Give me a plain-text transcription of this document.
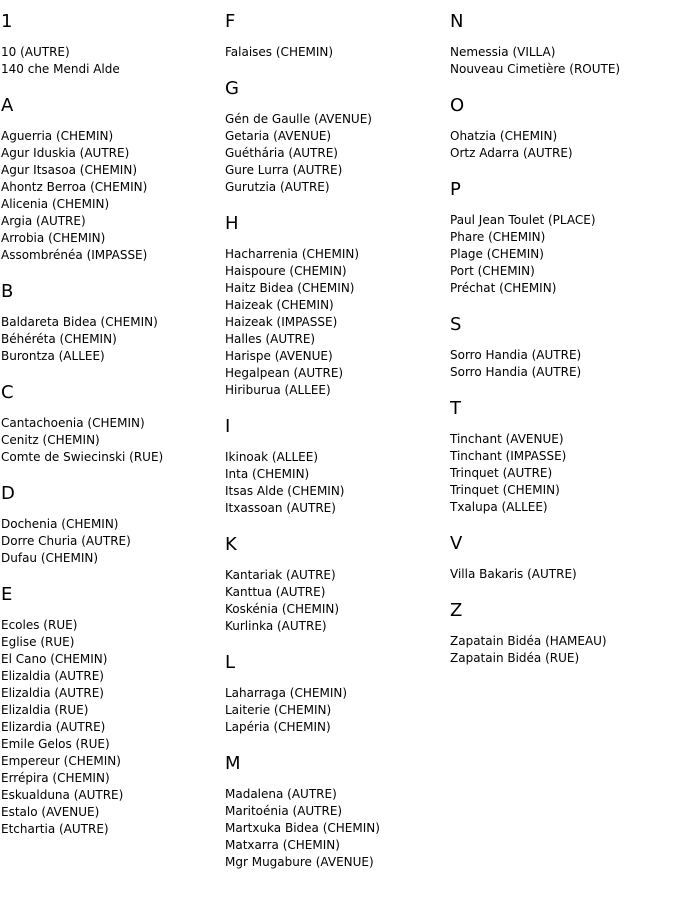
1
10 (AUTRE)
140 che Mendi Alde
A
Aguerria (CHEMIN)
Agur Iduskia (AUTRE)
Agur Itsasoa (CHEMIN)
Ahontz Berroa (CHEMIN)
Alicenia (CHEMIN)
Argia (AUTRE)
Arrobia (CHEMIN)
Assombrénéa (IMPASSE)
B
Baldareta Bidea (CHEMIN)
Béhéréta (CHEMIN)
Burontza (ALLEE)
C
Cantachoenia (CHEMIN)
Cenitz (CHEMIN)
Comte de Swiecinski (RUE)
D
Dochenia (CHEMIN)
Dorre Churia (AUTRE)
Dufau (CHEMIN)
E
Ecoles (RUE)
Eglise (RUE)
El Cano (CHEMIN)
Elizaldia (AUTRE)
Elizaldia (AUTRE)
Elizaldia (RUE)
Elizardia (AUTRE)
Emile Gelos (RUE)
Empereur (CHEMIN)
Errépira (CHEMIN)
Eskualduna (AUTRE)
Estalo (AVENUE)
Etchartia (AUTRE)
F
Falaises (CHEMIN)
G
Gén de Gaulle (AVENUE)
Getaria (AVENUE)
Guéthária (AUTRE)
Gure Lurra (AUTRE)
Gurutzia (AUTRE)
H
Hacharrenia (CHEMIN)
Haispoure (CHEMIN)
Haitz Bidea (CHEMIN)
Haizeak (CHEMIN)
Haizeak (IMPASSE)
Halles (AUTRE)
Harispe (AVENUE)
Hegalpean (AUTRE)
Hiriburua (ALLEE)
I
Ikinoak (ALLEE)
Inta (CHEMIN)
Itsas Alde (CHEMIN)
Itxassoan (AUTRE)
K
Kantariak (AUTRE)
Kanttua (AUTRE)
Koskénia (CHEMIN)
Kurlinka (AUTRE)
L
Laharraga (CHEMIN)
Laiterie (CHEMIN)
Lapéria (CHEMIN)
M
Madalena (AUTRE)
Maritoénia (AUTRE)
Martxuka Bidea (CHEMIN)
Matxarra (CHEMIN)
Mgr Mugabure (AVENUE)
N
Nemessia (VILLA)
Nouveau Cimetière (ROUTE)
O
Ohatzia (CHEMIN)
Ortz Adarra (AUTRE)
P
Paul Jean Toulet (PLACE)
Phare (CHEMIN)
Plage (CHEMIN)
Port (CHEMIN)
Préchat (CHEMIN)
S
Sorro Handia (AUTRE)
Sorro Handia (AUTRE)
T
Tinchant (AVENUE)
Tinchant (IMPASSE)
Trinquet (AUTRE)
Trinquet (CHEMIN)
Txalupa (ALLEE)
V
Villa Bakaris (AUTRE)
Z
Zapatain Bidéa (HAMEAU)
Zapatain Bidéa (RUE)
